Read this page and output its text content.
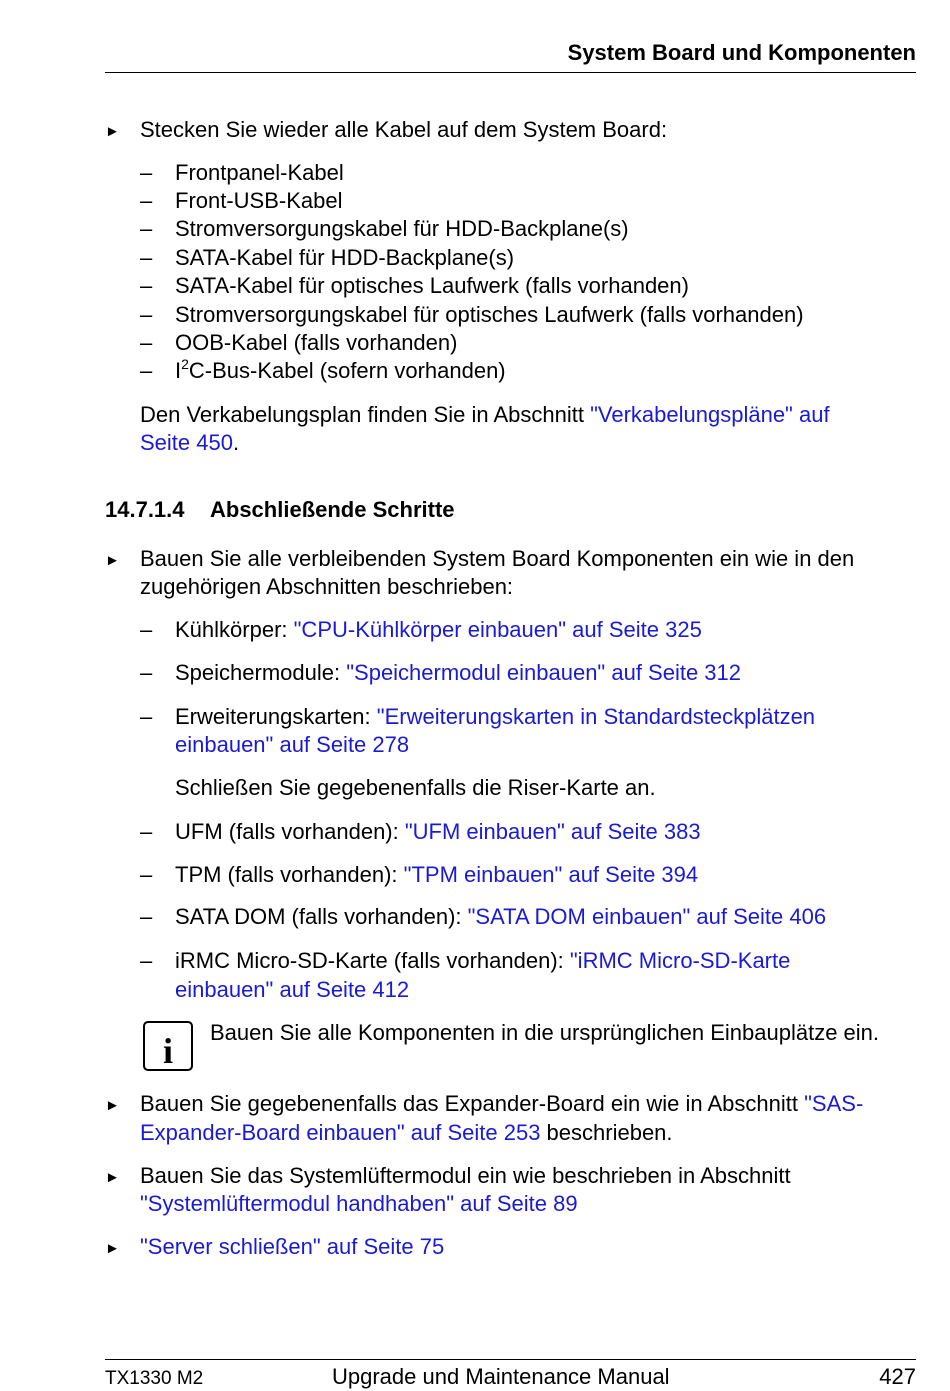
System Board und Komponenten
► Stecken Sie wieder alle Kabel auf dem System Board:
– Frontpanel-Kabel
– Front-USB-Kabel
– Stromversorgungskabel für HDD-Backplane(s)
– SATA-Kabel für HDD-Backplane(s)
– SATA-Kabel für optisches Laufwerk (falls vorhanden)
– Stromversorgungskabel für optisches Laufwerk (falls vorhanden)
– OOB-Kabel (falls vorhanden)
– $I^2C-Bus$-Kabel (sofern vorhanden)
Den Verkabelungsplan finden Sie in Abschnitt "Verkabelungspläne" auf
Seite 450.
14.7.1.4 Abschließende Schritte
► Bauen Sie alle verbleibenden System Board Komponenten ein wie in den
zugehörigen Abschnitten beschrieben:
– Kühlkörper: "CPU-Kühlkörper einbauen" auf Seite 325
– Speichermodule: "Speichermodul einbauen" auf Seite 312
– Erweiterungskarten: "Erweiterungskarten in Standardsteckplätzen
einbauen" auf Seite 278
Schließen Sie gegebenenfalls die Riser-Karte an.
– UFM (falls vorhanden): "UFM einbauen" auf Seite 383
– TPM (falls vorhanden): "TPM einbauen" auf Seite 394
– SATA DOM (falls vorhanden): "SATA DOM einbauen" auf Seite 406
– iRMC Micro-SD-Karte (falls vorhanden): "iRMC Micro-SD-Karte
einbauen" auf Seite 412
i	Bauen Sie alle Komponenten in die ursprünglichen Einbauplätze ein.
► Bauen Sie gegebenenfalls das Expander-Board ein wie in Abschnitt "SAS-
Expander-Board einbauen" auf Seite 253 beschrieben.
► Bauen Sie das Systemlüftermodul ein wie beschrieben in Abschnitt
"Systemlüftermodul handhaben" auf Seite 89
► "Server schließen" auf Seite 75
TX1330 M2	Upgrade und Maintenance Manual	427
